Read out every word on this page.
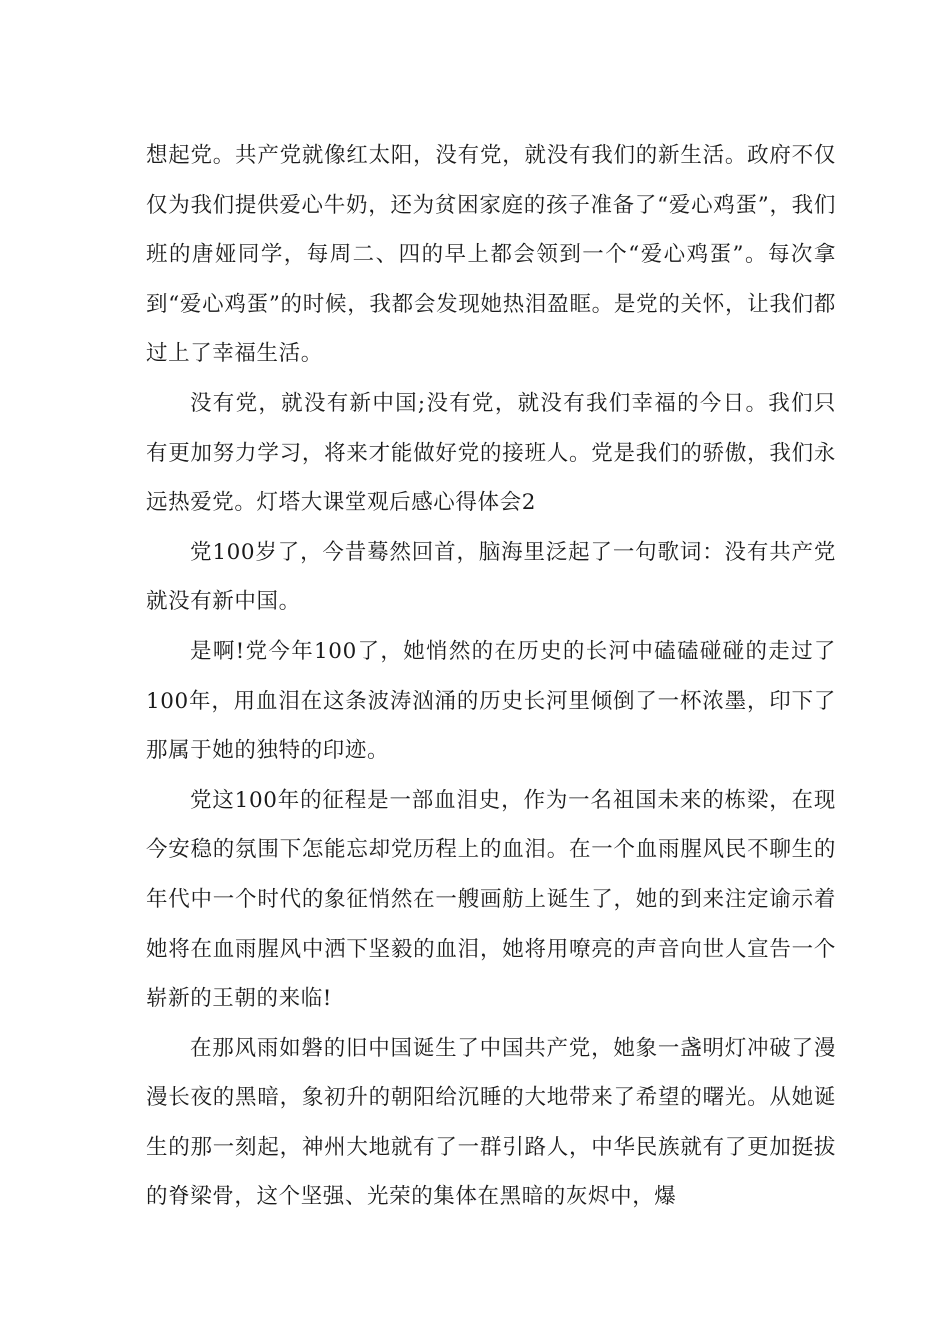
想起党。共产党就像红太阳，没有党，就没有我们的新生活。政府不仅仅为我们提供爱心牛奶，还为贫困家庭的孩子准备了“爱心鸡蛋”，我们班的唐娅同学，每周二、四的早上都会领到一个“爱心鸡蛋”。每次拿到“爱心鸡蛋”的时候，我都会发现她热泪盈眶。是党的关怀，让我们都过上了幸福生活。

没有党，就没有新中国;没有党，就没有我们幸福的今日。我们只有更加努力学习，将来才能做好党的接班人。党是我们的骄傲，我们永远热爱党。灯塔大课堂观后感心得体会2

党100岁了，今昔蓦然回首，脑海里泛起了一句歌词：没有共产党就没有新中国。

是啊!党今年100了，她悄然的在历史的长河中磕磕碰碰的走过了100年，用血泪在这条波涛汹涌的历史长河里倾倒了一杯浓墨，印下了那属于她的独特的印迹。

党这100年的征程是一部血泪史，作为一名祖国未来的栋梁，在现今安稳的氛围下怎能忘却党历程上的血泪。在一个血雨腥风民不聊生的年代中一个时代的象征悄然在一艘画舫上诞生了，她的到来注定谕示着她将在血雨腥风中洒下坚毅的血泪，她将用嘹亮的声音向世人宣告一个崭新的王朝的来临!

在那风雨如磐的旧中国诞生了中国共产党，她象一盏明灯冲破了漫漫长夜的黑暗，象初升的朝阳给沉睡的大地带来了希望的曙光。从她诞生的那一刻起，神州大地就有了一群引路人，中华民族就有了更加挺拔的脊梁骨，这个坚强、光荣的集体在黑暗的灰烬中，爆
